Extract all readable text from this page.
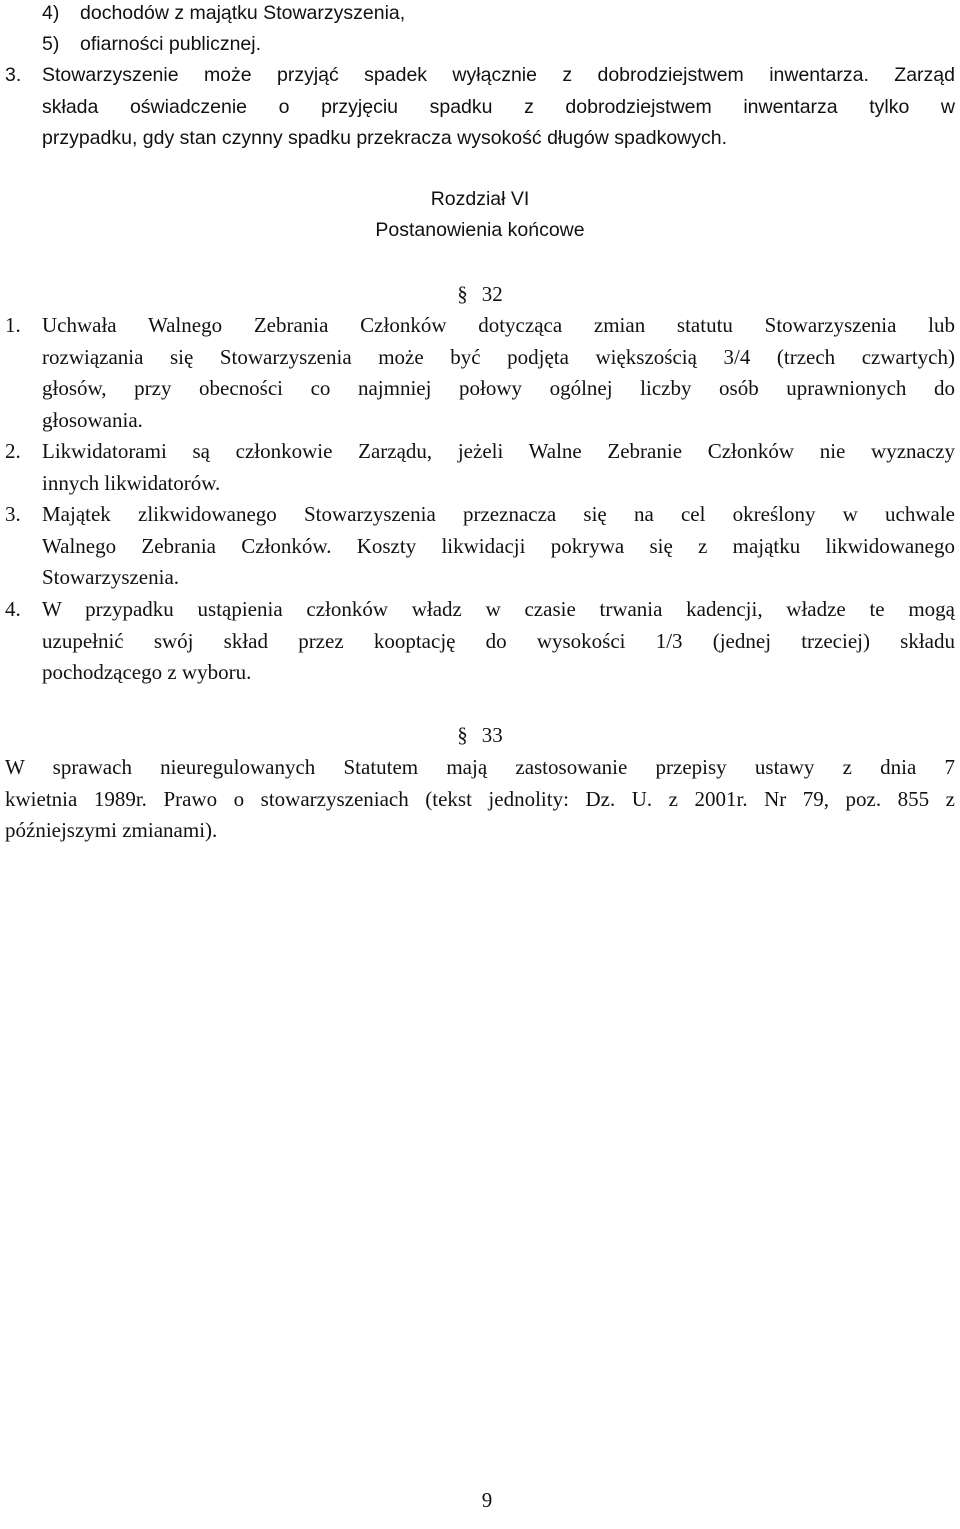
4)	dochodów z majątku Stowarzyszenia,
5)	ofiarności publicznej.
3. Stowarzyszenie może przyjąć spadek wyłącznie z dobrodziejstwem inwentarza. Zarząd
składa oświadczenie o przyjęciu spadku z dobrodziejstwem inwentarza tylko w
przypadku, gdy stan czynny spadku przekracza wysokość długów spadkowych.
Rozdział VI
Postanowienia końcowe
§ 32
1. Uchwała Walnego Zebrania Członków dotycząca zmian statutu Stowarzyszenia lub
rozwiązania się Stowarzyszenia może być podjęta większością 3/4 (trzech czwartych)
głosów, przy obecności co najmniej połowy ogólnej liczby osób uprawnionych do
głosowania.
2. Likwidatorami są członkowie Zarządu, jeżeli Walne Zebranie Członków nie wyznaczy
innych likwidatorów.
3. Majątek zlikwidowanego Stowarzyszenia przeznacza się na cel określony w uchwale
Walnego Zebrania Członków. Koszty likwidacji pokrywa się z majątku likwidowanego
Stowarzyszenia.
4. W przypadku ustąpienia członków władz w czasie trwania kadencji, władze te mogą
uzupełnić swój skład przez kooptację do wysokości 1/3 (jednej trzeciej) składu
pochodzącego z wyboru.
§ 33
W sprawach nieuregulowanych Statutem mają zastosowanie przepisy ustawy z dnia 7
kwietnia 1989r. Prawo o stowarzyszeniach (tekst jednolity: Dz. U. z 2001r. Nr 79, poz. 855 z
późniejszymi zmianami).
9
